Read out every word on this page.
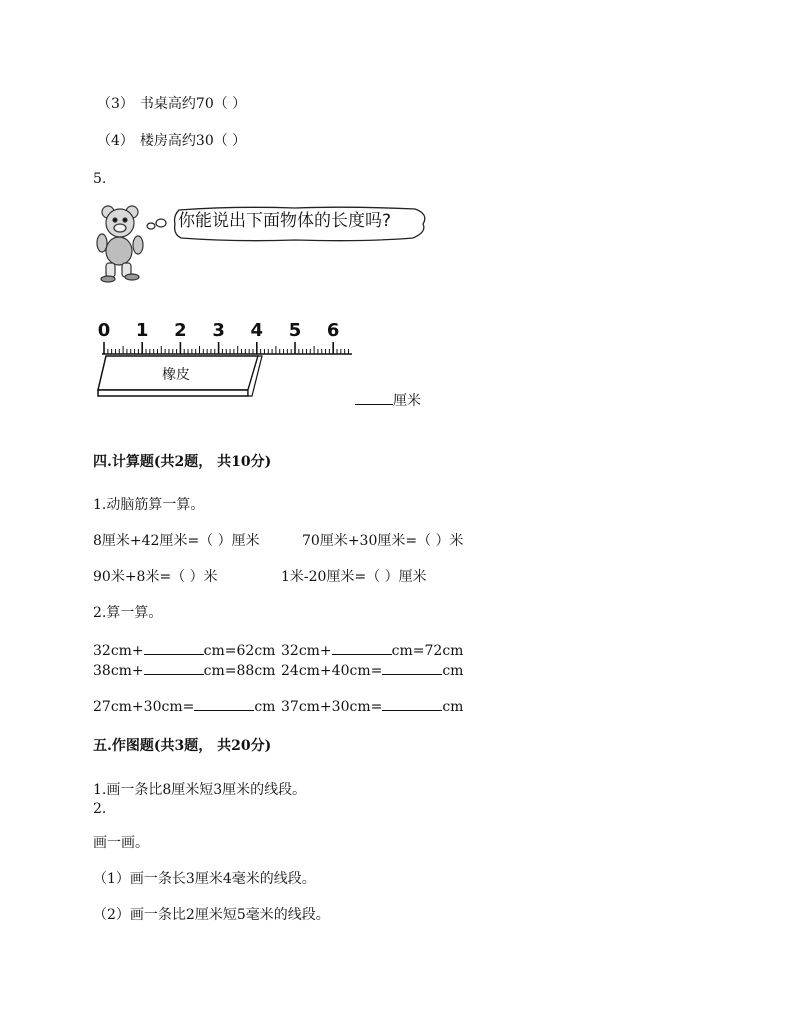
（3） 书桌高约70（ ）
（4） 楼房高约30（ ）
5.
你能说出下面物体的长度吗?
0 1 2 3 4 5 6
橡皮
厘米
四.计算题(共2题， 共10分)
1.动脑筋算一算。
8厘米+42厘米=（ ）厘米	70厘米+30厘米=（ ）米
90米+8米=（ ）米	1米-20厘米=（ ）厘米
2.算一算。
32cm+	cm=62cm 32cm+	cm=72cm
38cm+	cm=88cm 24cm+40cm=	cm
27cm+30cm=	cm 37cm+30cm=	cm
五.作图题(共3题， 共20分)
1.画一条比8厘米短3厘米的线段。
2.
画一画。
（1）画一条长3厘米4毫米的线段。
（2）画一条比2厘米短5毫米的线段。
